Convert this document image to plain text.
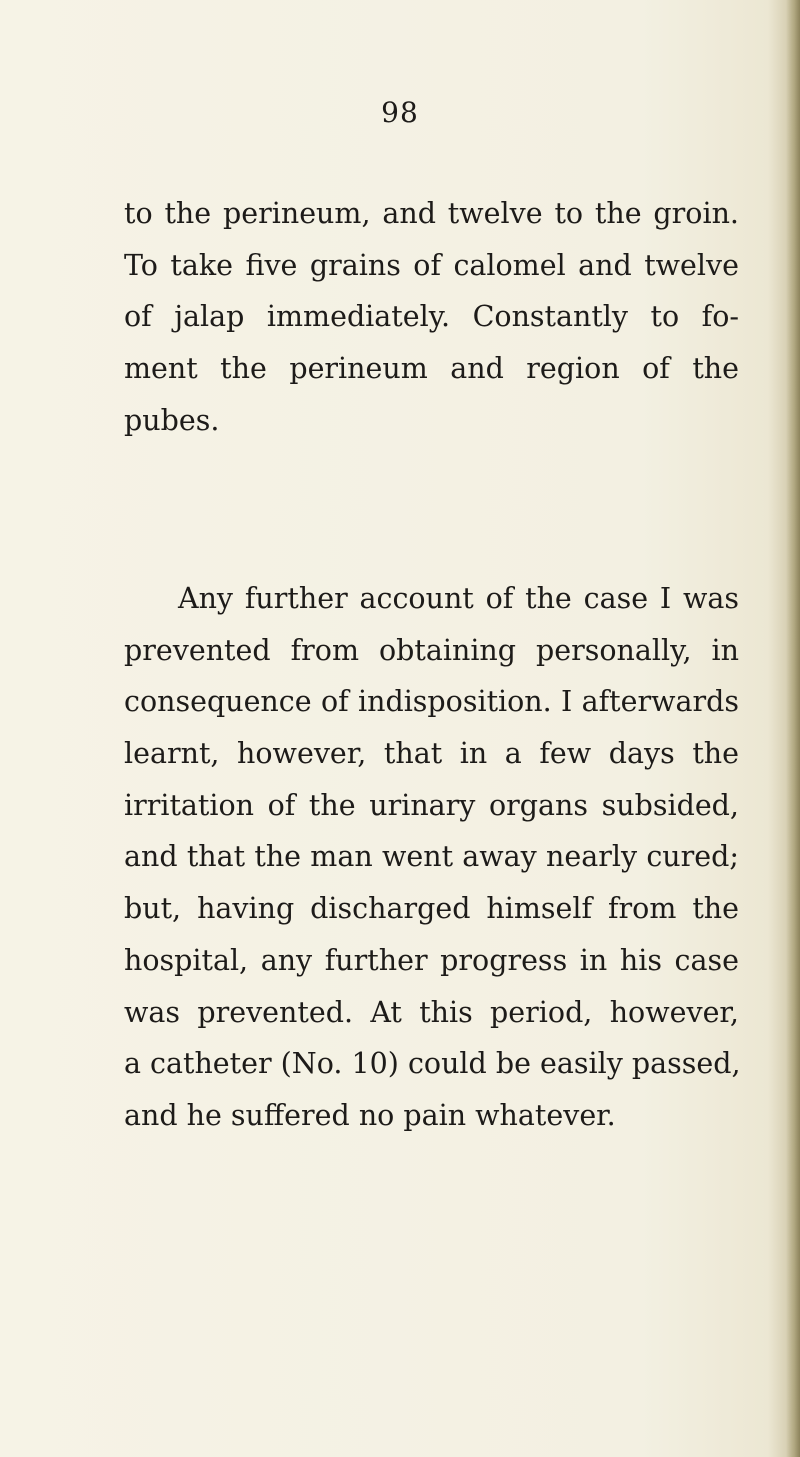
98
to the perineum, and twelve to the groin.
To take five grains of calomel and twelve
of jalap immediately. Constantly to fo-
ment the perineum and region of the
pubes.
Any further account of the case I was
prevented from obtaining personally, in
consequence of indisposition. I afterwards
learnt, however, that in a few days the
irritation of the urinary organs subsided,
and that the man went away nearly cured;
but, having discharged himself from the
hospital, any further progress in his case
was prevented. At this period, however,
a catheter (No. 10) could be easily passed,
and he suffered no pain whatever.
